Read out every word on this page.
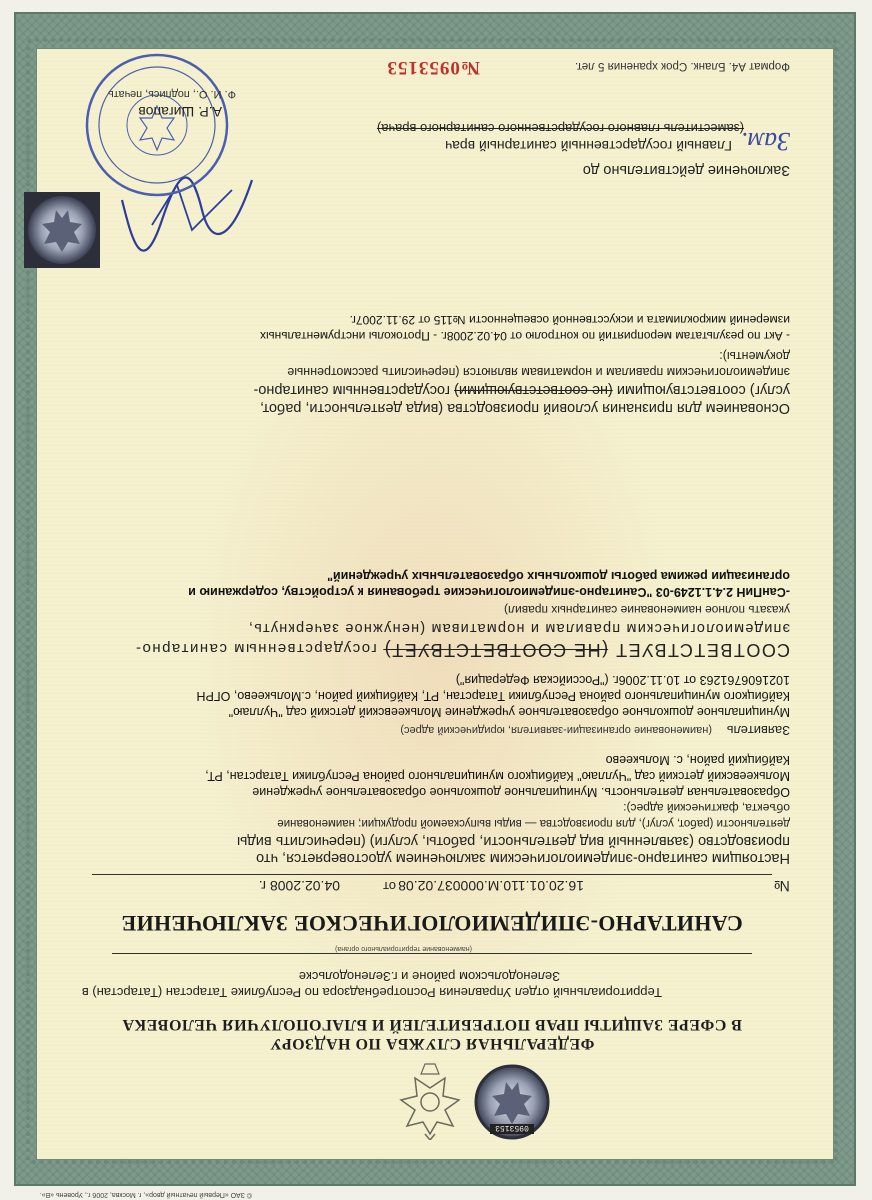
© ЗАО «Первый печатный двор», г. Москва, 2006 г., Уровень «В».
0953153

ФЕДЕРАЛЬНАЯ СЛУЖБА ПО НАДЗОРУ

В СФЕРЕ ЗАЩИТЫ ПРАВ ПОТРЕБИТЕЛЕЙ И БЛАГОПОЛУЧИЯ ЧЕЛОВЕКА

Территориальный отдел Управления Роспотребнадзора по Республике Татарстан (Татарстан) в
Зеленодольском районе и г.Зеленодольске
(наименование территориального органа)

САНИТАРНО-ЭПИДЕМИОЛОГИЧЕСКОЕ ЗАКЛЮЧЕНИЕ

№
16.20.01.110.М.000037.02.08
от
04.02.2008 г.

Настоящим санитарно-эпидемиологическим заключением удостоверяется, что

производство (заявленный вид деятельности, работы, услуги) (перечислить виды

деятельности (работ, услуг), для производства — виды выпускаемой продукции; наименование

объекта, фактический адрес):

Образовательная деятельность. Муниципальное дошкольное образовательное учреждение

Молькеевский детский сад "Чуллаю" Кайбицкого муниципального района Республики Татарстан, РТ,

Кайбицкий район, с. Молькеево

Заявитель
(наименование организации-заявителя, юридический адрес)

Муниципальное дошкольное образовательное учреждение Молькеевский детский сад "Чуллаю"

Кайбицкого муниципального района Республики Татарстан, РТ, Кайбицкий район, с.Молькеево, ОГРН

1021606761263 от 10.11.2006г. ("Российская Федерация")

СООТВЕТСТВУЕТ (НЕ СООТВЕТСТВУЕТ) государственным санитарно-

эпидемиологическим правилам и нормативам (ненужное зачеркнуть,

указать полное наименование санитарных правил)

-СанПиН 2.4.1.1249-03 "Санитарно-эпидемиологические требования к устройству, содержанию и

организации режима работы дошкольных образовательных учреждений"

Основанием для признания условий производства (вида деятельности, работ,

услуг) соответствующими (не соответствующими) государственным санитарно-

эпидемиологическим правилам и нормативам являются (перечислить рассмотренные

документы):

- Акт по результатам мероприятий по контролю от 04.02.2008г. - Протоколы инструментальных

измерений микроклимата и искусственной освещенности №115 от 29.11.2007г.

Заключение действительно до
Зам.
Главный государственный санитарный врач
(заместитель главного государственного санитарного врача)
А.Р. Шигапов
Ф. И. О., подпись, печать
Формат А4. Бланк. Срок хранения 5 лет.
№0953153
